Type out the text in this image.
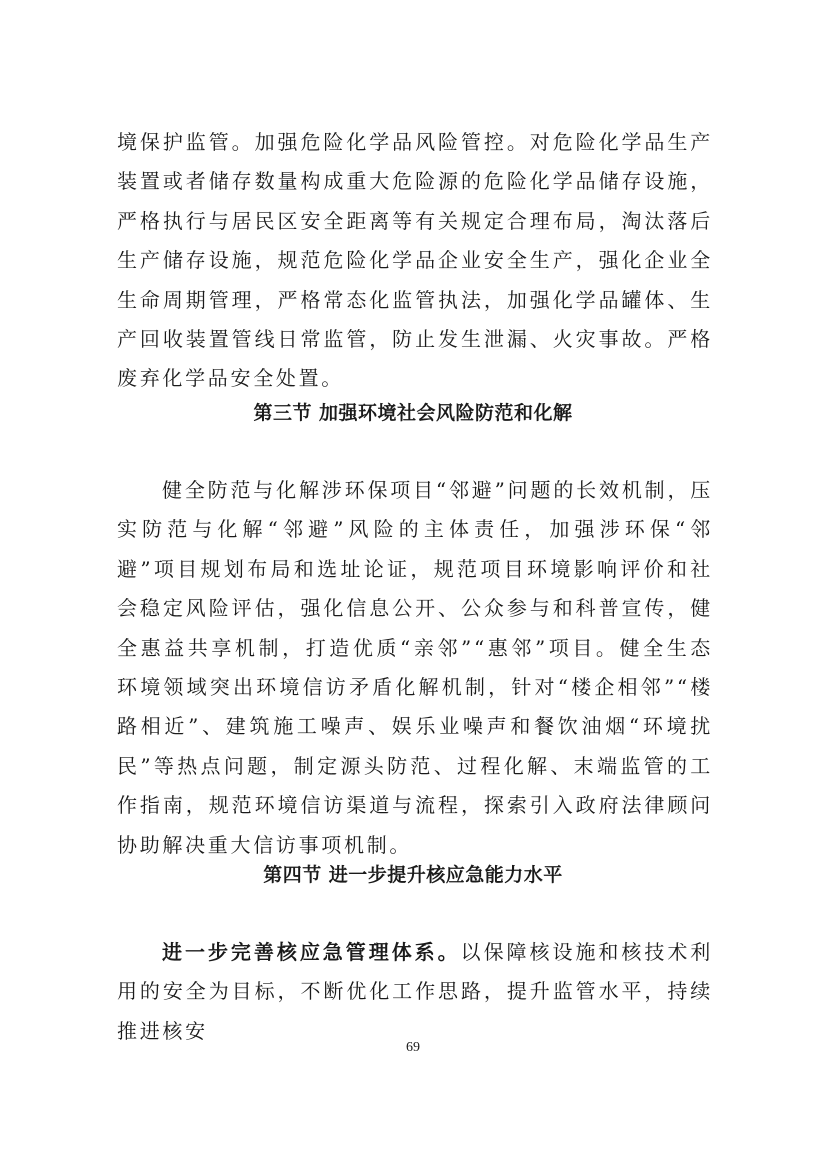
境保护监管。加强危险化学品风险管控。对危险化学品生产装置或者储存数量构成重大危险源的危险化学品储存设施，严格执行与居民区安全距离等有关规定合理布局，淘汰落后生产储存设施，规范危险化学品企业安全生产，强化企业全生命周期管理，严格常态化监管执法，加强化学品罐体、生产回收装置管线日常监管，防止发生泄漏、火灾事故。严格废弃化学品安全处置。

第三节 加强环境社会风险防范和化解

健全防范与化解涉环保项目“邻避”问题的长效机制，压实防范与化解“邻避”风险的主体责任，加强涉环保“邻避”项目规划布局和选址论证，规范项目环境影响评价和社会稳定风险评估，强化信息公开、公众参与和科普宣传，健全惠益共享机制，打造优质“亲邻”“惠邻”项目。健全生态环境领域突出环境信访矛盾化解机制，针对“楼企相邻”“楼路相近”、建筑施工噪声、娱乐业噪声和餐饮油烟“环境扰民”等热点问题，制定源头防范、过程化解、末端监管的工作指南，规范环境信访渠道与流程，探索引入政府法律顾问协助解决重大信访事项机制。

第四节 进一步提升核应急能力水平

进一步完善核应急管理体系。以保障核设施和核技术利用的安全为目标，不断优化工作思路，提升监管水平，持续推进核安

69
